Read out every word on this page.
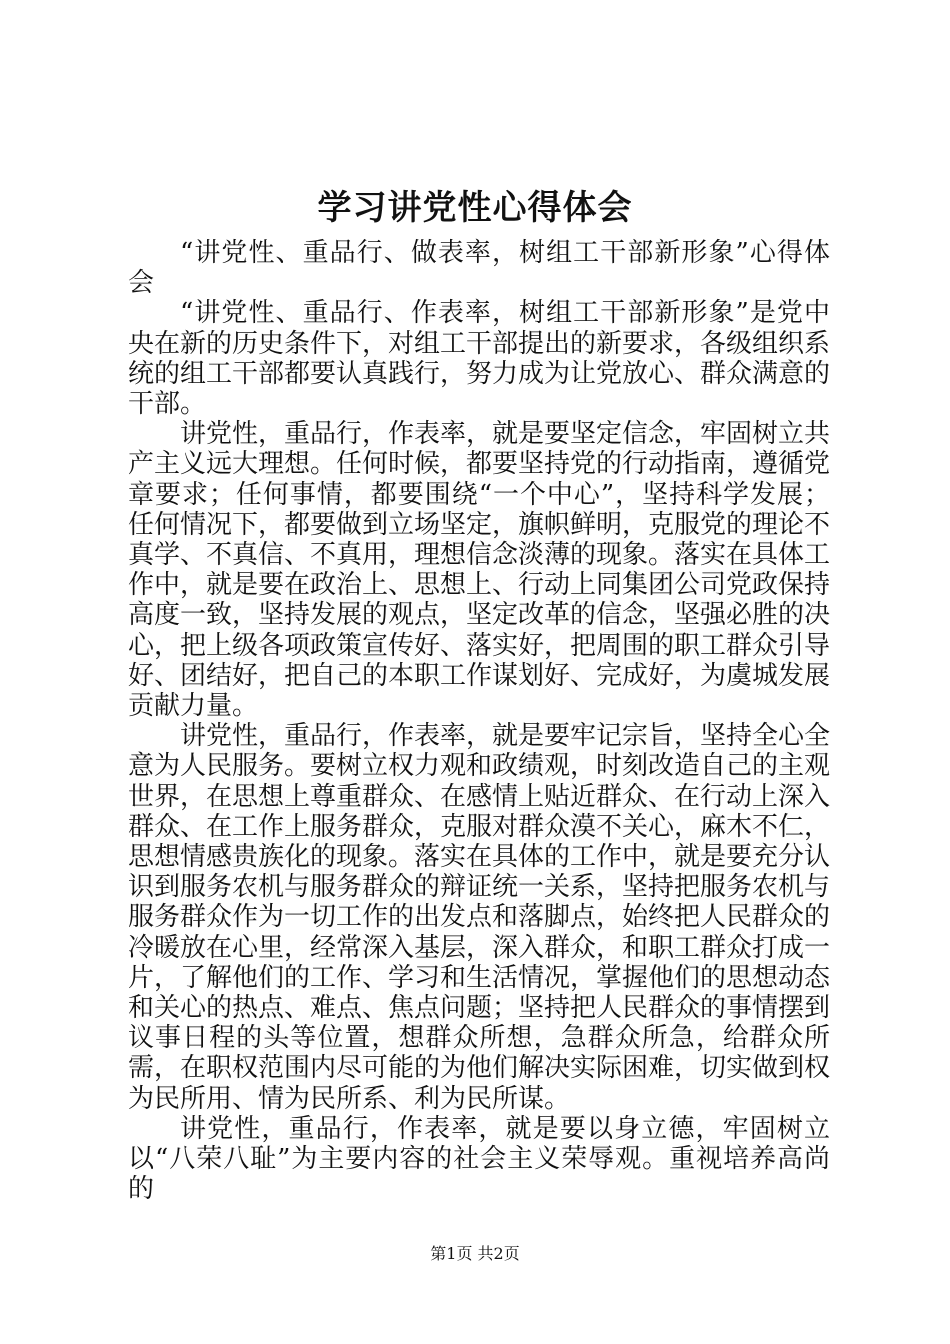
学习讲党性心得体会

“讲党性、重品行、做表率，树组工干部新形象”心得体会

“讲党性、重品行、作表率，树组工干部新形象”是党中央在新的历史条件下，对组工干部提出的新要求，各级组织系统的组工干部都要认真践行，努力成为让党放心、群众满意的干部。

讲党性，重品行，作表率，就是要坚定信念，牢固树立共产主义远大理想。任何时候，都要坚持党的行动指南，遵循党章要求；任何事情，都要围绕“一个中心”，坚持科学发展；任何情况下，都要做到立场坚定，旗帜鲜明，克服党的理论不真学、不真信、不真用，理想信念淡薄的现象。落实在具体工作中，就是要在政治上、思想上、行动上同集团公司党政保持高度一致，坚持发展的观点，坚定改革的信念，坚强必胜的决心，把上级各项政策宣传好、落实好，把周围的职工群众引导好、团结好，把自己的本职工作谋划好、完成好，为虞城发展贡献力量。

讲党性，重品行，作表率，就是要牢记宗旨，坚持全心全意为人民服务。要树立权力观和政绩观，时刻改造自己的主观世界，在思想上尊重群众、在感情上贴近群众、在行动上深入群众、在工作上服务群众，克服对群众漠不关心，麻木不仁，思想情感贵族化的现象。落实在具体的工作中，就是要充分认识到服务农机与服务群众的辩证统一关系，坚持把服务农机与服务群众作为一切工作的出发点和落脚点，始终把人民群众的冷暖放在心里，经常深入基层，深入群众，和职工群众打成一片，了解他们的工作、学习和生活情况，掌握他们的思想动态和关心的热点、难点、焦点问题；坚持把人民群众的事情摆到议事日程的头等位置，想群众所想，急群众所急，给群众所需，在职权范围内尽可能的为他们解决实际困难，切实做到权为民所用、情为民所系、利为民所谋。

讲党性，重品行，作表率，就是要以身立德，牢固树立以“八荣八耻”为主要内容的社会主义荣辱观。重视培养高尚的

第1页 共2页
